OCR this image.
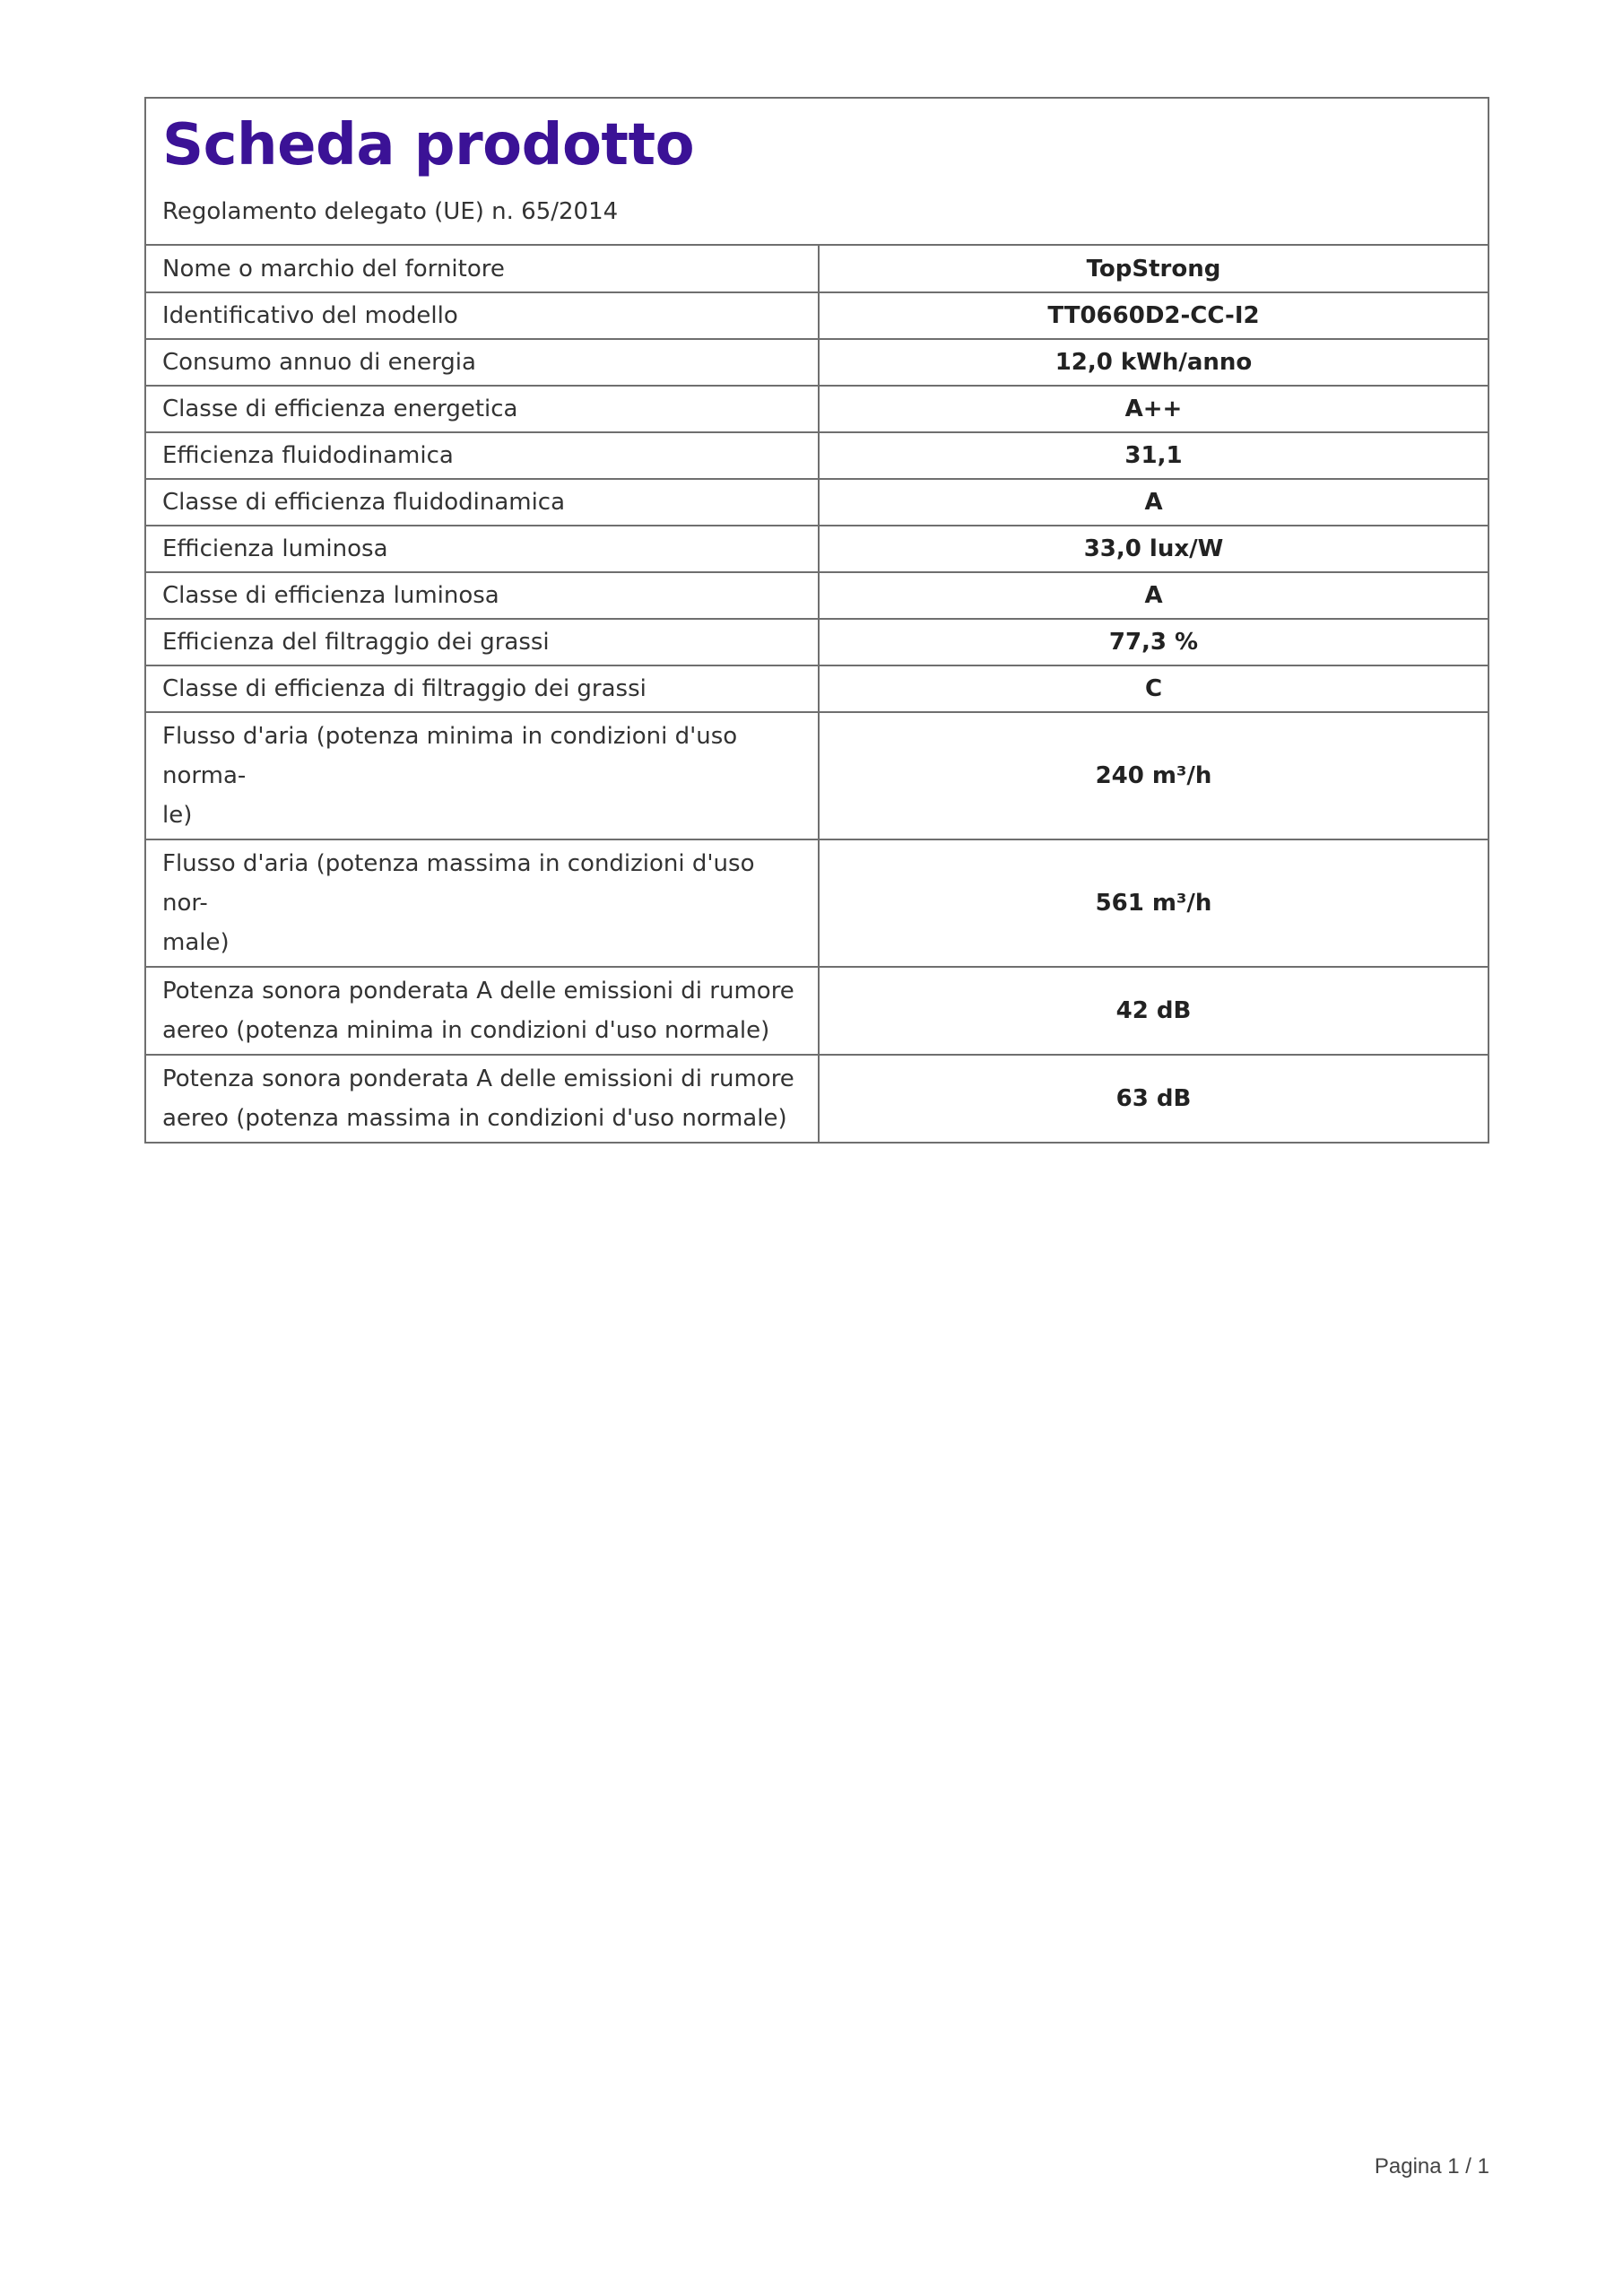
Scheda prodotto
Regolamento delegato (UE) n. 65/2014
Nome o marchio del fornitore	TopStrong
Identificativo del modello	TT0660D2-CC-I2
Consumo annuo di energia	12,0 kWh/anno
Classe di efficienza energetica	A++
Efficienza fluidodinamica	31,1
Classe di efficienza fluidodinamica	A
Efficienza luminosa	33,0 lux/W
Classe di efficienza luminosa	A
Efficienza del filtraggio dei grassi	77,3 %
Classe di efficienza di filtraggio dei grassi	C
Flusso d'aria (potenza minima in condizioni d'uso norma-
le)	240 m³/h
Flusso d'aria (potenza massima in condizioni d'uso nor-
male)	561 m³/h
Potenza sonora ponderata A delle emissioni di rumore
aereo (potenza minima in condizioni d'uso normale)	42 dB
Potenza sonora ponderata A delle emissioni di rumore
aereo (potenza massima in condizioni d'uso normale)	63 dB
Pagina 1 / 1
